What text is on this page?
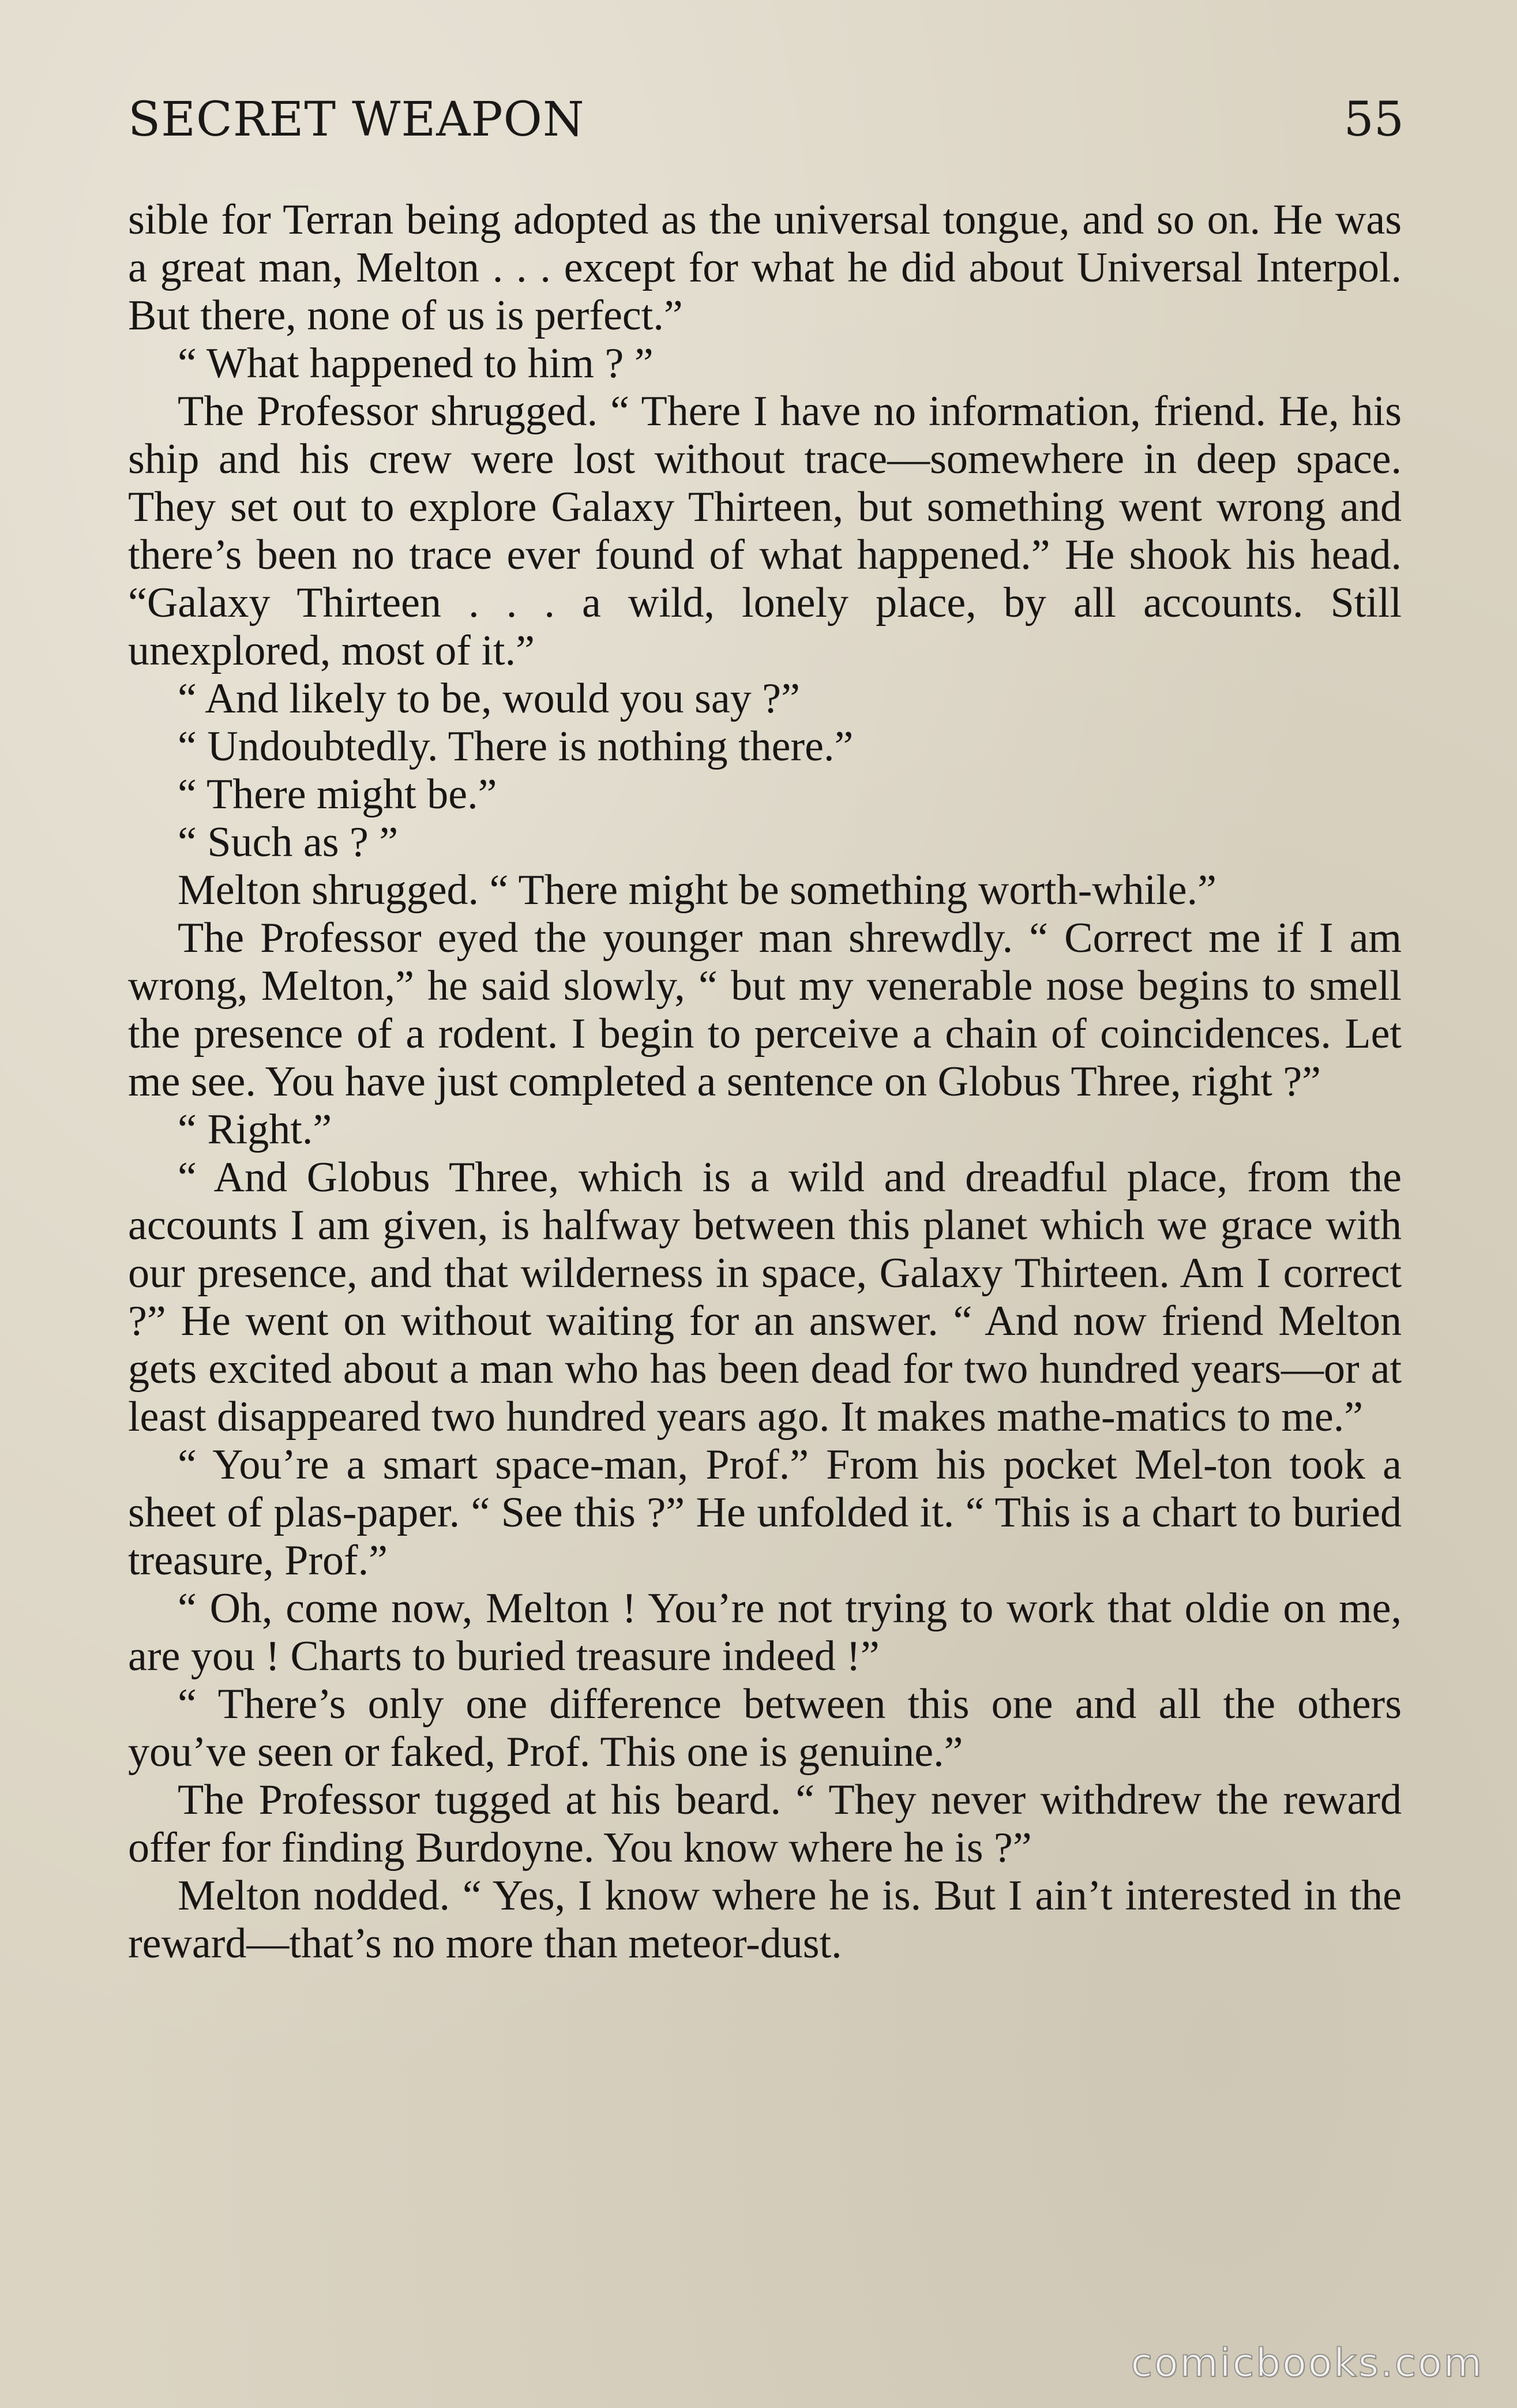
SECRET WEAPON	55

sible for Terran being adopted as the universal tongue, and so on. He was a great man, Melton . . . except for what he did about Universal Interpol. But there, none of us is perfect.”

“ What happened to him ? ”

The Professor shrugged. “ There I have no information, friend. He, his ship and his crew were lost without trace—somewhere in deep space. They set out to explore Galaxy Thirteen, but something went wrong and there’s been no trace ever found of what happened.” He shook his head. “Galaxy Thirteen . . . a wild, lonely place, by all accounts. Still unexplored, most of it.”

“ And likely to be, would you say ?”

“ Undoubtedly. There is nothing there.”

“ There might be.”

“ Such as ? ”

Melton shrugged. “ There might be something worth-while.”

The Professor eyed the younger man shrewdly. “ Correct me if I am wrong, Melton,” he said slowly, “ but my venerable nose begins to smell the presence of a rodent. I begin to perceive a chain of coincidences. Let me see. You have just completed a sentence on Globus Three, right ?”

“ Right.”

“ And Globus Three, which is a wild and dreadful place, from the accounts I am given, is halfway between this planet which we grace with our presence, and that wilderness in space, Galaxy Thirteen. Am I correct ?” He went on without waiting for an answer. “ And now friend Melton gets excited about a man who has been dead for two hundred years—or at least disappeared two hundred years ago. It makes mathe-matics to me.”

“ You’re a smart space-man, Prof.” From his pocket Mel-ton took a sheet of plas-paper. “ See this ?” He unfolded it. “ This is a chart to buried treasure, Prof.”

“ Oh, come now, Melton ! You’re not trying to work that oldie on me, are you ! Charts to buried treasure indeed !”

“ There’s only one difference between this one and all the others you’ve seen or faked, Prof. This one is genuine.”

The Professor tugged at his beard. “ They never withdrew the reward offer for finding Burdoyne. You know where he is ?”

Melton nodded. “ Yes, I know where he is. But I ain’t interested in the reward—that’s no more than meteor-dust.

comicbooks.com
